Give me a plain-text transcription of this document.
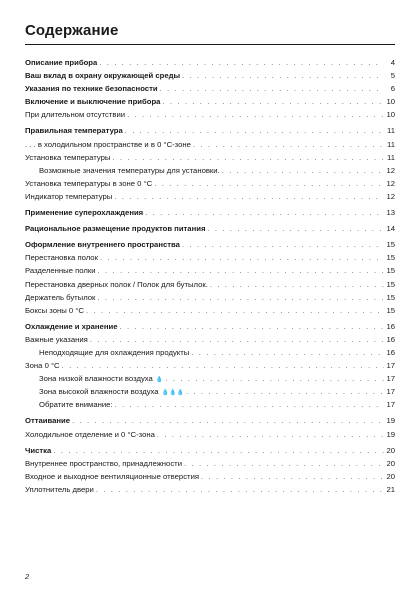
Содержание
Описание прибора . . .	4
Ваш вклад в охрану окружающей среды . . .	5
Указания по технике безопасности . . .	6
Включение и выключение прибора . . .	10
При длительном отсутствии . . .	10
Правильная температура . . .	11
. . . в холодильном пространстве и в 0 °C-зоне . . .	11
Установка температуры . . .	11
Возможные значения температуры для установки. . . .	12
Установка температуры в зоне 0 °C . . .	12
Индикатор температуры . . .	12
Применение суперохлаждения . . .	13
Рациональное размещение продуктов питания . . .	14
Оформление внутреннего пространства . . .	15
Перестановка полок . . .	15
Разделенные полки . . .	15
Перестановка дверных полок / Полок для бутылок. . . .	15
Держатель бутылок . . .	15
Боксы зоны 0 °C . . .	15
Охлаждение и хранение . . .	16
Важные указания . . .	16
Неподходящие для охлаждения продукты . . .	16
Зона 0 °C . . .	17
Зона низкой влажности воздуха 💧 . . .	17
Зона высокой влажности воздуха 💧💧💧 . . .	17
Обратите внимание: . . .	17
Оттаивание . . .	19
Холодильное отделение и 0 °C-зона . . .	19
Чистка . . .	20
Внутреннее пространство, принадлежности . . .	20
Входное и выходное вентиляционные отверстия . . .	20
Уплотнитель двери . . .	21
2
